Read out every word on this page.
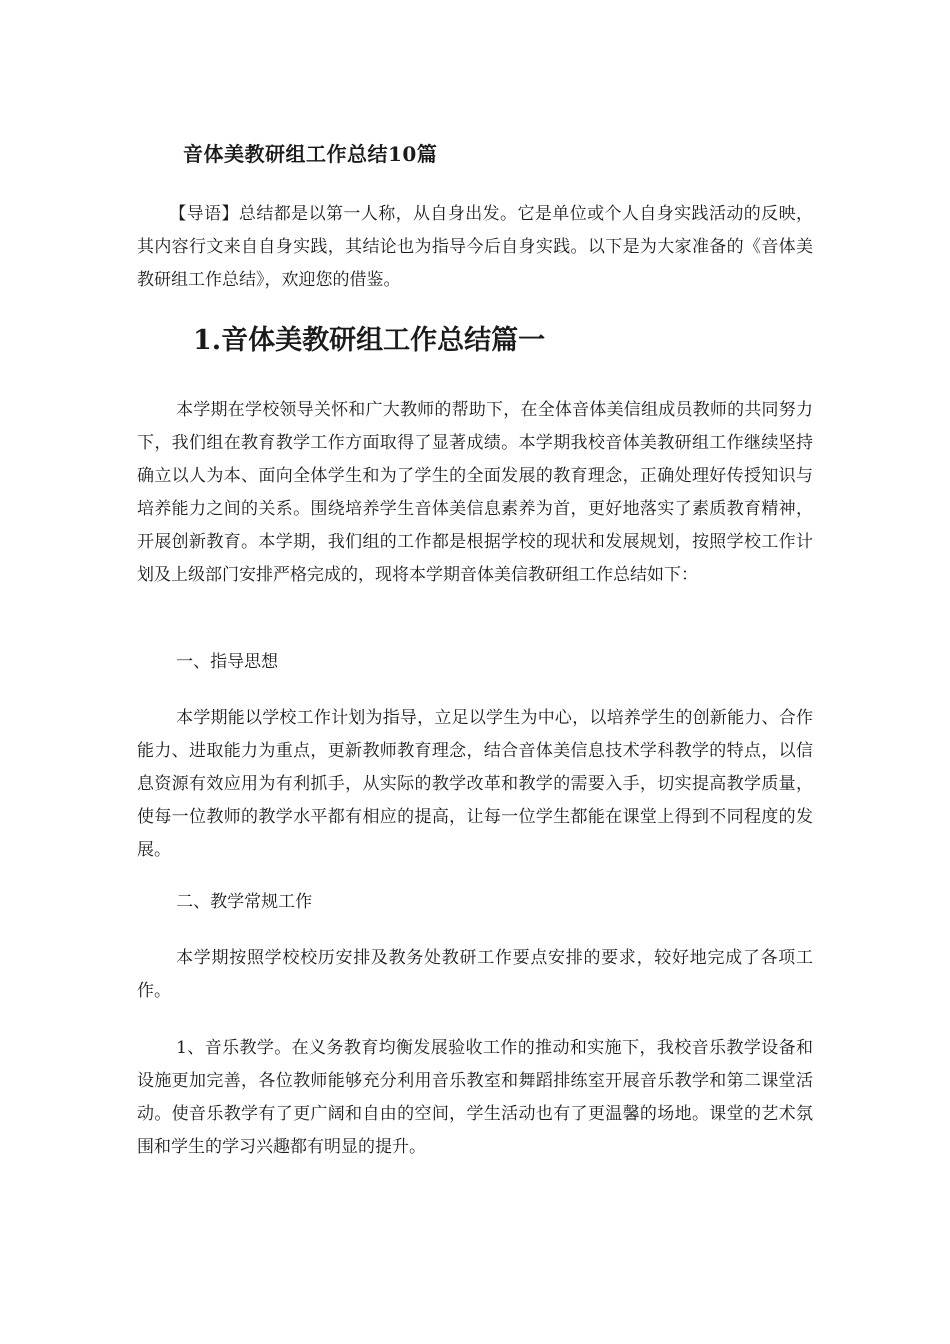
音体美教研组工作总结10篇
【导语】总结都是以第一人称，从自身出发。它是单位或个人自身实践活动的反映，其内容行文来自自身实践，其结论也为指导今后自身实践。以下是为大家准备的《音体美教研组工作总结》，欢迎您的借鉴。
1.音体美教研组工作总结篇一
本学期在学校领导关怀和广大教师的帮助下，在全体音体美信组成员教师的共同努力下，我们组在教育教学工作方面取得了显著成绩。本学期我校音体美教研组工作继续坚持确立以人为本、面向全体学生和为了学生的全面发展的教育理念，正确处理好传授知识与培养能力之间的关系。围绕培养学生音体美信息素养为首，更好地落实了素质教育精神，开展创新教育。本学期，我们组的工作都是根据学校的现状和发展规划，按照学校工作计划及上级部门安排严格完成的，现将本学期音体美信教研组工作总结如下：
一、指导思想
本学期能以学校工作计划为指导，立足以学生为中心，以培养学生的创新能力、合作能力、进取能力为重点，更新教师教育理念，结合音体美信息技术学科教学的特点，以信息资源有效应用为有利抓手，从实际的教学改革和教学的需要入手，切实提高教学质量，使每一位教师的教学水平都有相应的提高，让每一位学生都能在课堂上得到不同程度的发展。
二、教学常规工作
本学期按照学校校历安排及教务处教研工作要点安排的要求，较好地完成了各项工作。
1、音乐教学。在义务教育均衡发展验收工作的推动和实施下，我校音乐教学设备和设施更加完善，各位教师能够充分利用音乐教室和舞蹈排练室开展音乐教学和第二课堂活动。使音乐教学有了更广阔和自由的空间，学生活动也有了更温馨的场地。课堂的艺术氛围和学生的学习兴趣都有明显的提升。
